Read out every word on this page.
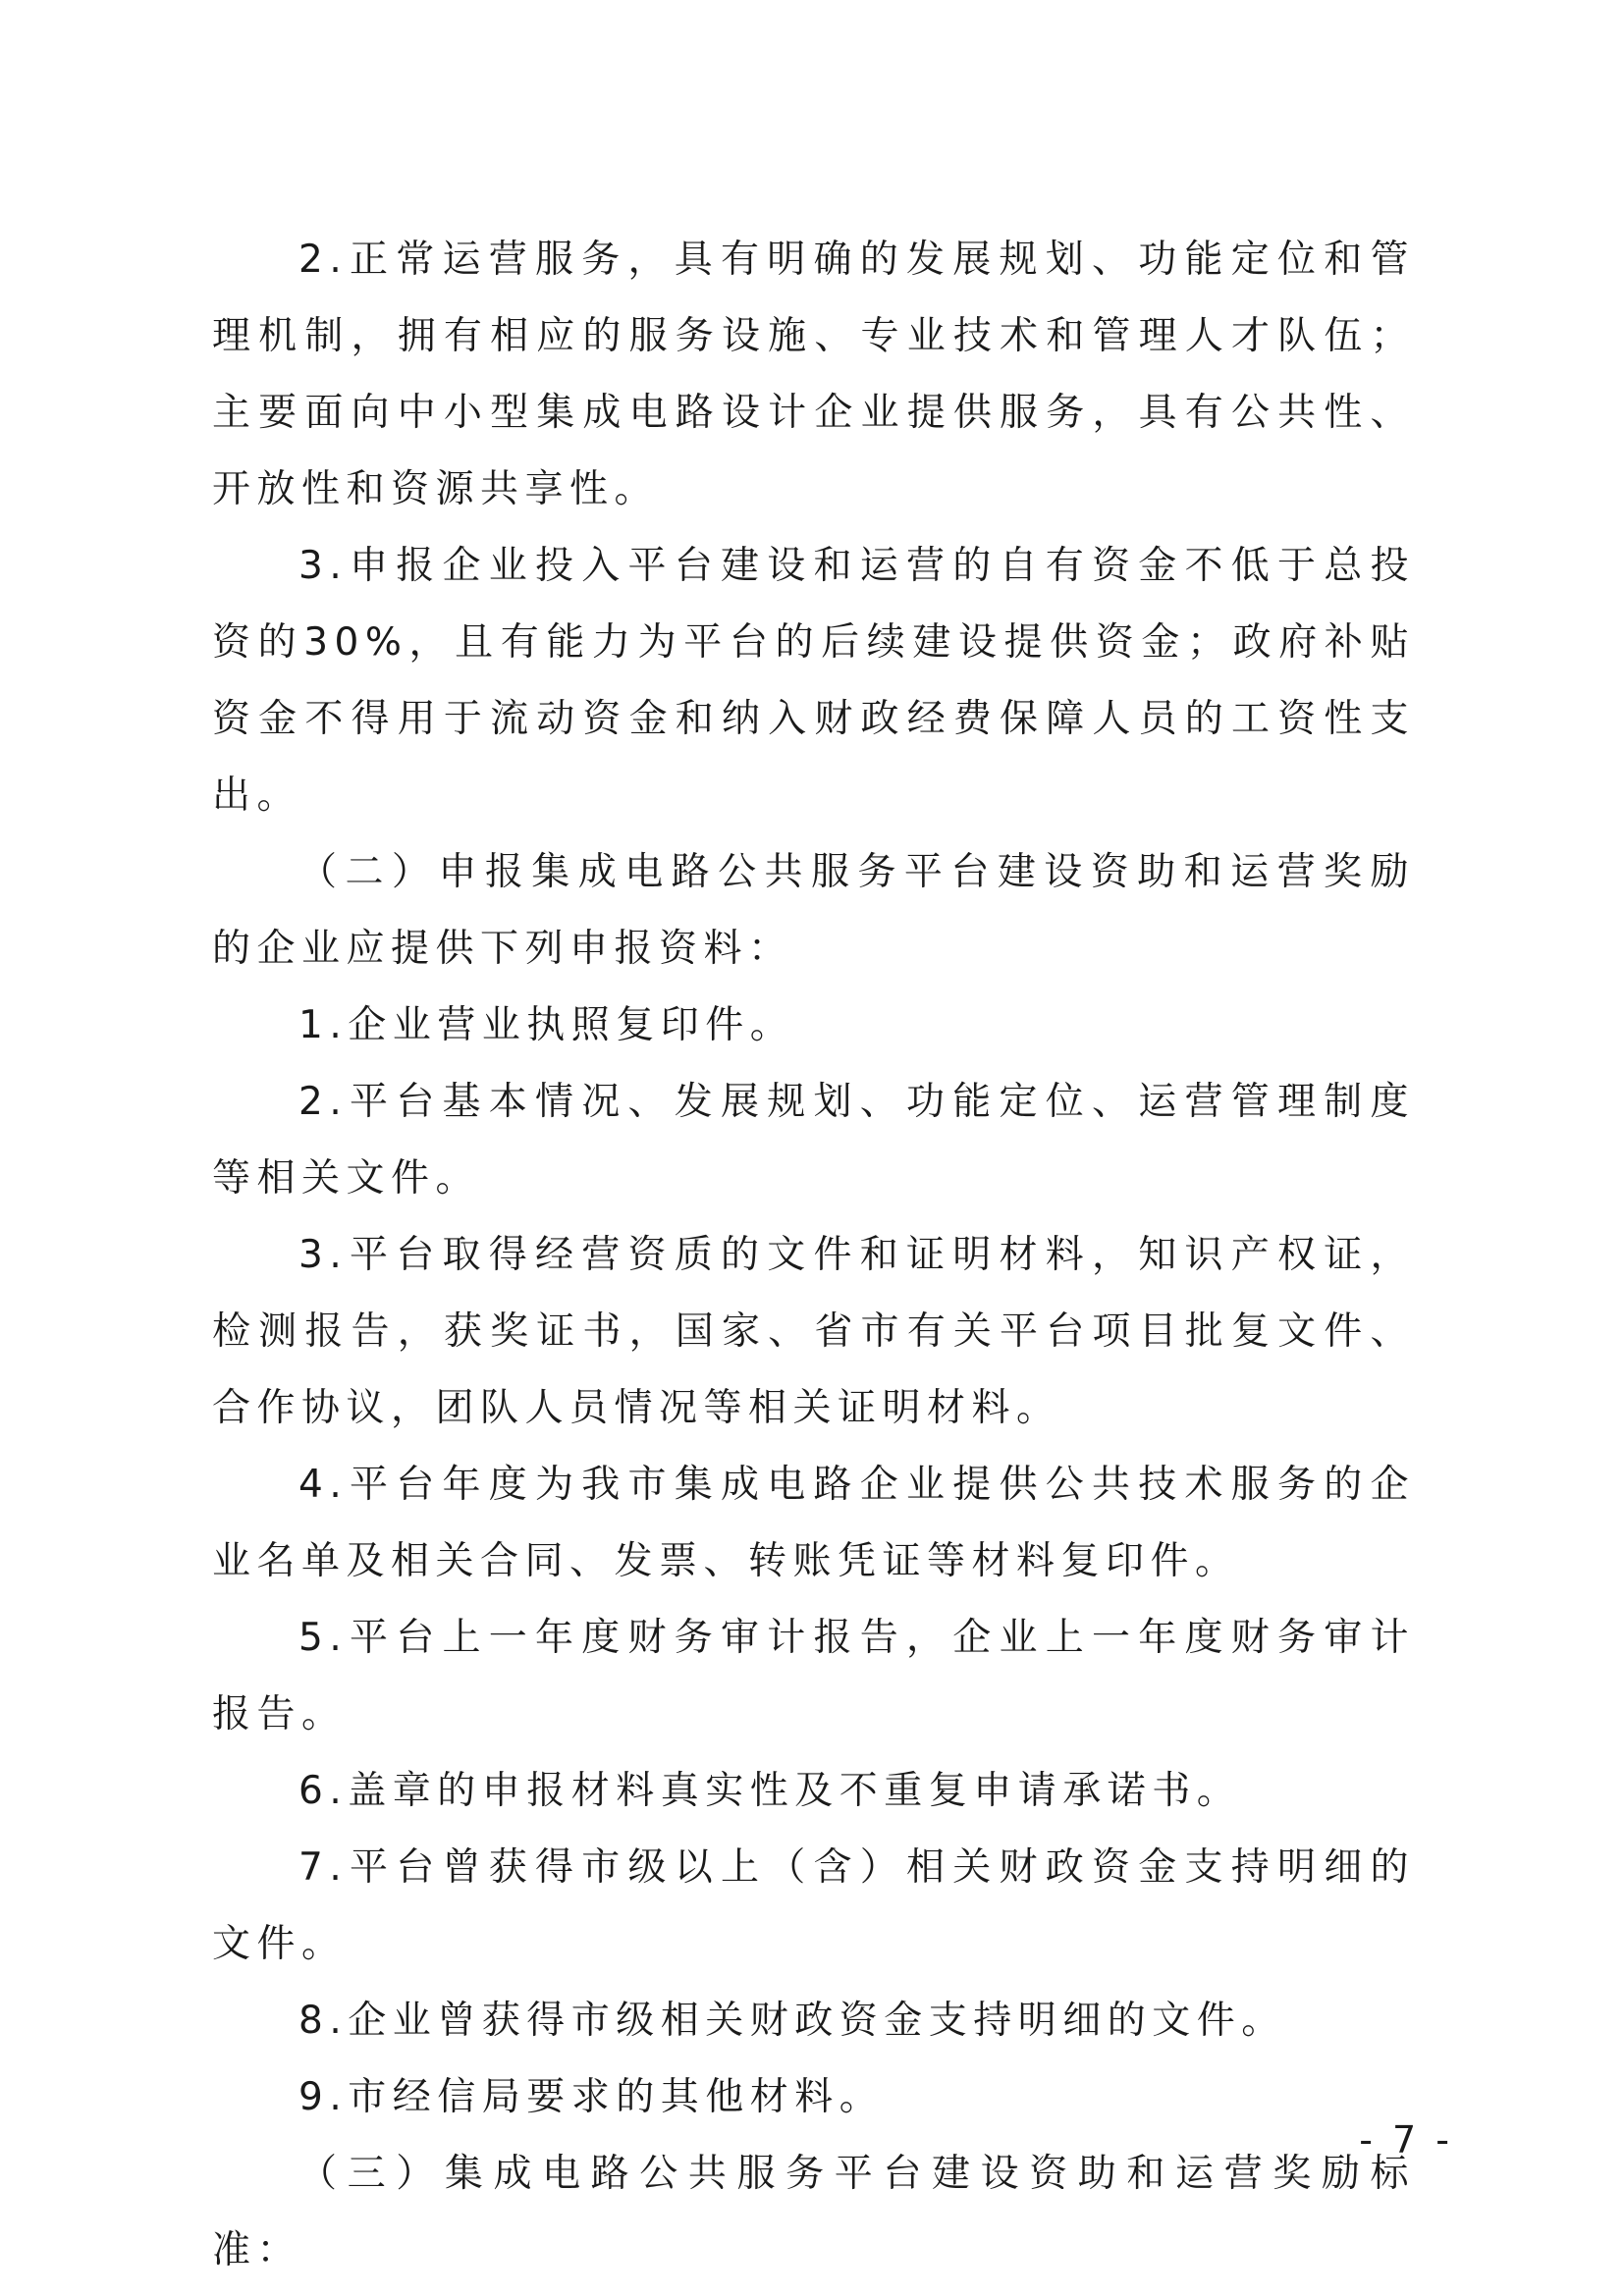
2.正常运营服务，具有明确的发展规划、功能定位和管理机制，拥有相应的服务设施、专业技术和管理人才队伍；主要面向中小型集成电路设计企业提供服务，具有公共性、开放性和资源共享性。

3.申报企业投入平台建设和运营的自有资金不低于总投资的30%，且有能力为平台的后续建设提供资金；政府补贴资金不得用于流动资金和纳入财政经费保障人员的工资性支出。

（二）申报集成电路公共服务平台建设资助和运营奖励的企业应提供下列申报资料：

1.企业营业执照复印件。

2.平台基本情况、发展规划、功能定位、运营管理制度等相关文件。

3.平台取得经营资质的文件和证明材料，知识产权证，检测报告，获奖证书，国家、省市有关平台项目批复文件、合作协议，团队人员情况等相关证明材料。

4.平台年度为我市集成电路企业提供公共技术服务的企业名单及相关合同、发票、转账凭证等材料复印件。

5.平台上一年度财务审计报告，企业上一年度财务审计报告。

6.盖章的申报材料真实性及不重复申请承诺书。

7.平台曾获得市级以上（含）相关财政资金支持明细的文件。

8.企业曾获得市级相关财政资金支持明细的文件。

9.市经信局要求的其他材料。

（三）集成电路公共服务平台建设资助和运营奖励标准：

- 7 -
